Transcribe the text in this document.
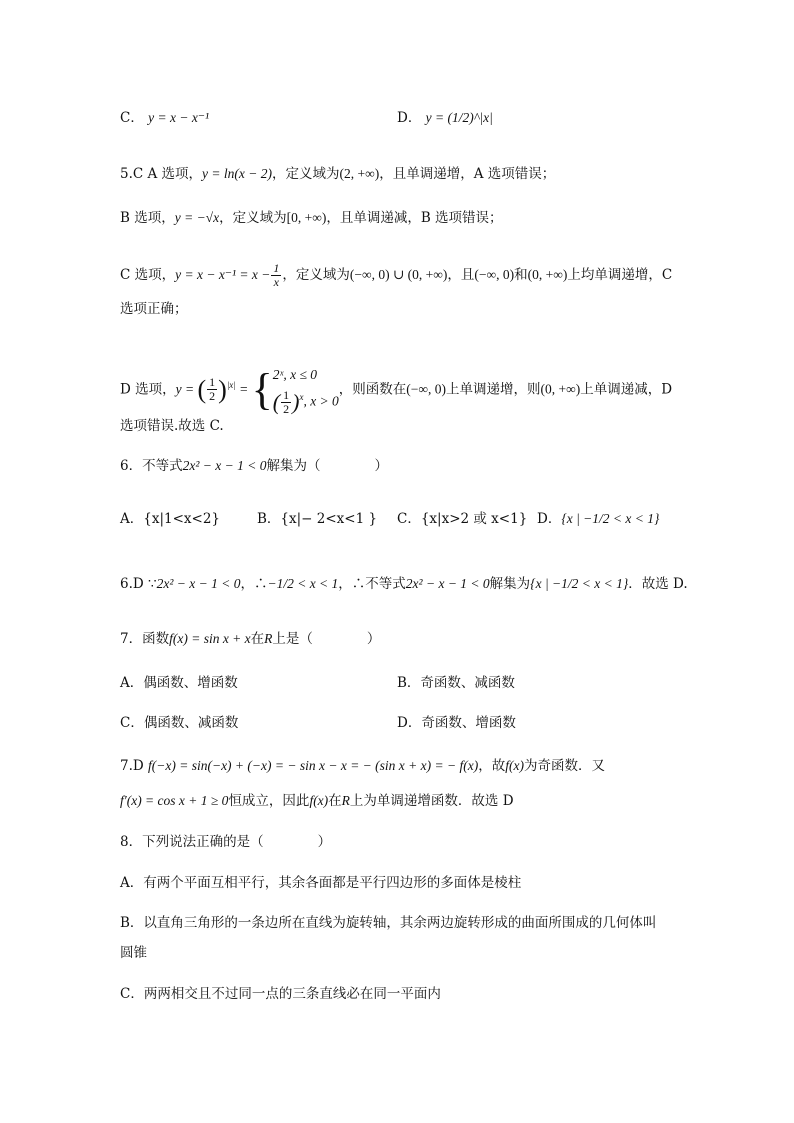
C． y = x − x⁻¹	D． y = (1/2)^|x|
5.C A 选项，y = ln(x − 2)，定义域为(2, +∞)，且单调递增，A 选项错误；
B 选项，y = −√x，定义域为[0, +∞)，且单调递减，B 选项错误；
C 选项，$y = x - x^{-1} = x - \frac{1}{x}$ ，定义域为(−∞, 0) ∪ (0, +∞)，且(−∞, 0)和(0, +∞)上均单调递增，C
选项正确；
D 选项，y = ( $\frac{1}{2} )^{|x|}$ = { 2ˣ, x ≤ 0
( $\frac{1}{2} )^x$, x > 0
，则函数在(−∞, 0)上单调递增，则(0, +∞)上单调递减，D
选项错误.故选 C.
6．不等式2x² − x − 1 < 0解集为（　　　　）
A．{x|1<x<2}	B．{x|− 2<x<1 } C．{x|x>2 或 x<1} D．{x | −1/2 < x < 1}
6.D ∵2x² − x − 1 < 0，∴−1/2 < x < 1，∴不等式2x² − x − 1 < 0解集为{x | −1/2 < x < 1}．故选 D.
7．函数f(x) = sin x + x在R上是（　　　　）
A．偶函数、增函数	B．奇函数、减函数
C．偶函数、减函数	D．奇函数、增函数
7.D f(−x) = sin(−x) + (−x) = − sin x − x = − (sin x + x) = − f(x)，故f(x)为奇函数．又
f′(x) = cos x + 1 ≥ 0恒成立，因此f(x)在R上为单调递增函数．故选 D
8．下列说法正确的是（　　　　）
A．有两个平面互相平行，其余各面都是平行四边形的多面体是棱柱
B．以直角三角形的一条边所在直线为旋转轴，其余两边旋转形成的曲面所围成的几何体叫
圆锥
C．两两相交且不过同一点的三条直线必在同一平面内
